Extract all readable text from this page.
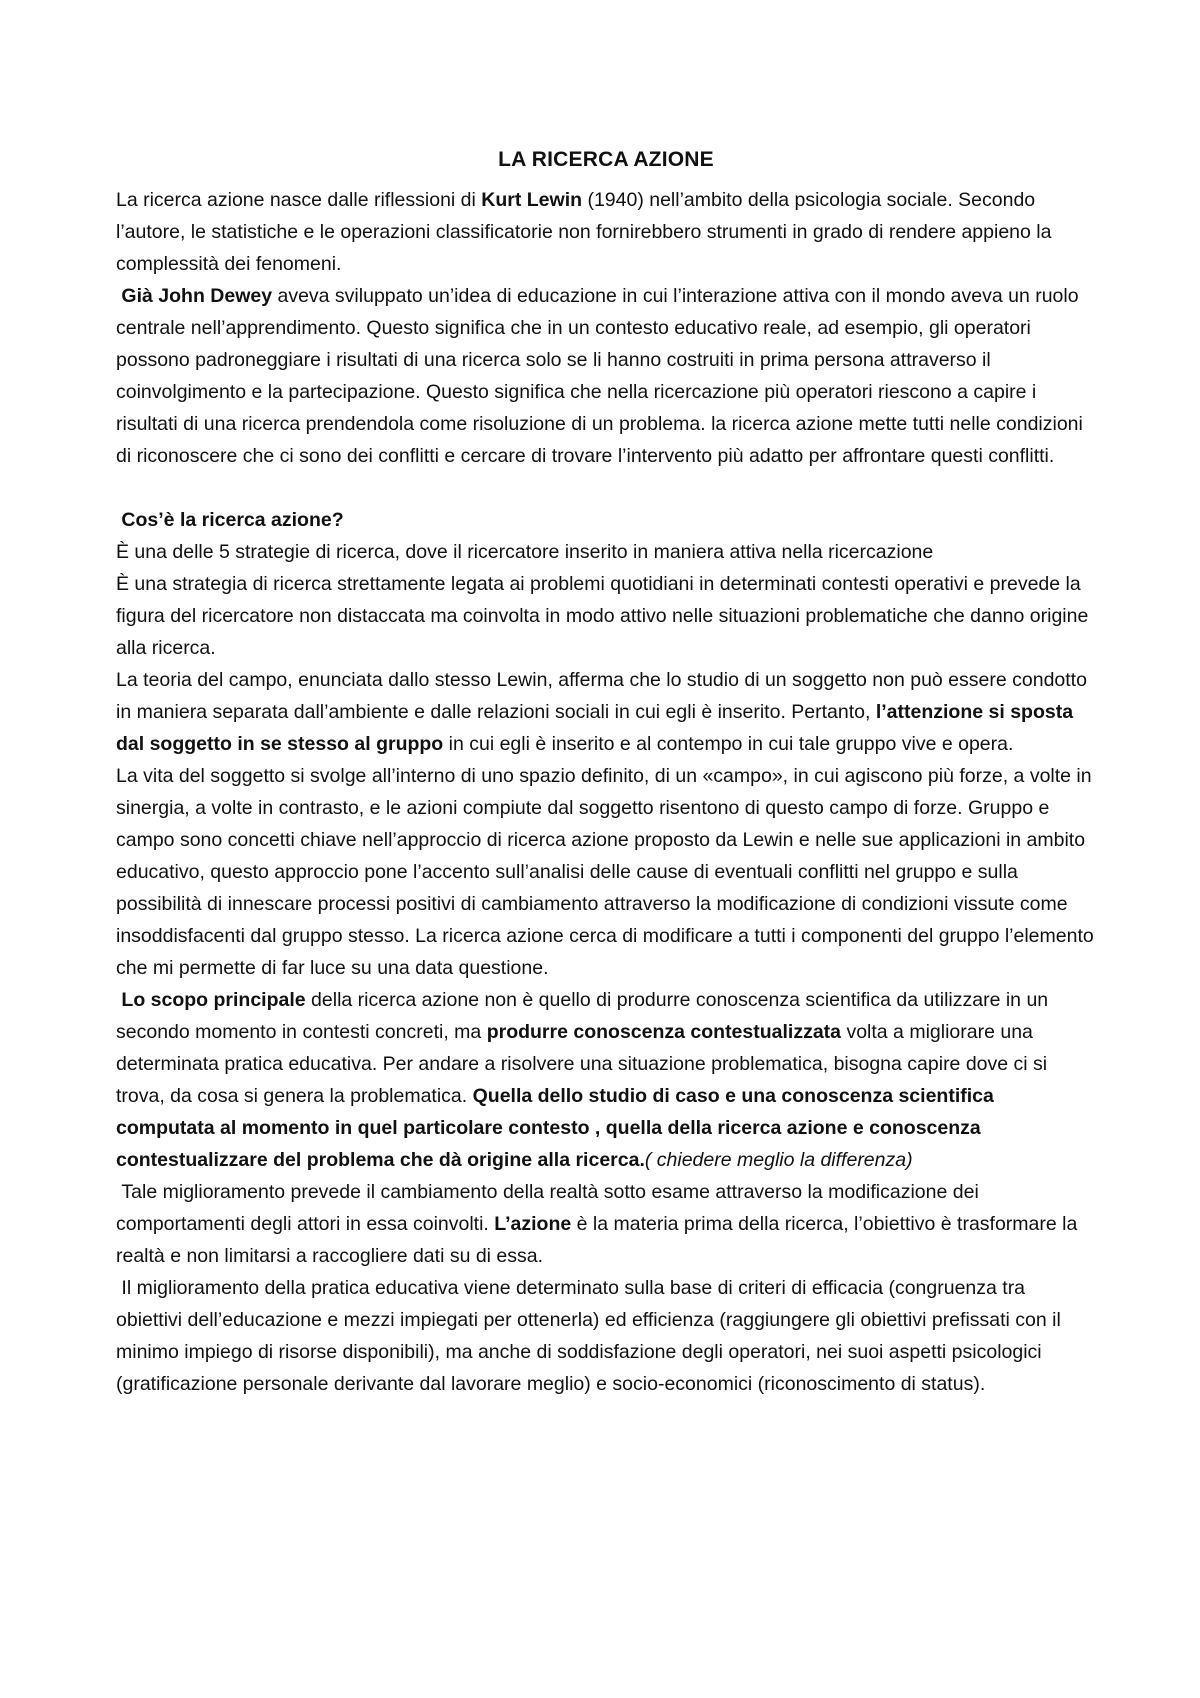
LA RICERCA AZIONE

La ricerca azione nasce dalle riflessioni di Kurt Lewin (1940) nell’ambito della psicologia sociale. Secondo l’autore, le statistiche e le operazioni classificatorie non fornirebbero strumenti in grado di rendere appieno la complessità dei fenomeni.

Già John Dewey aveva sviluppato un’idea di educazione in cui l’interazione attiva con il mondo aveva un ruolo centrale nell’apprendimento. Questo significa che in un contesto educativo reale, ad esempio, gli operatori possono padroneggiare i risultati di una ricerca solo se li hanno costruiti in prima persona attraverso il coinvolgimento e la partecipazione. Questo significa che nella ricercazione più operatori riescono a capire i risultati di una ricerca prendendola come risoluzione di un problema. la ricerca azione mette tutti nelle condizioni di riconoscere che ci sono dei conflitti e cercare di trovare l’intervento più adatto per affrontare questi conflitti.

Cos’è la ricerca azione?

È una delle 5 strategie di ricerca, dove il ricercatore inserito in maniera attiva nella ricercazione

È una strategia di ricerca strettamente legata ai problemi quotidiani in determinati contesti operativi e prevede la figura del ricercatore non distaccata ma coinvolta in modo attivo nelle situazioni problematiche che danno origine alla ricerca.

La teoria del campo, enunciata dallo stesso Lewin, afferma che lo studio di un soggetto non può essere condotto in maniera separata dall’ambiente e dalle relazioni sociali in cui egli è inserito. Pertanto, l’attenzione si sposta dal soggetto in se stesso al gruppo in cui egli è inserito e al contempo in cui tale gruppo vive e opera.

La vita del soggetto si svolge all’interno di uno spazio definito, di un «campo», in cui agiscono più forze, a volte in sinergia, a volte in contrasto, e le azioni compiute dal soggetto risentono di questo campo di forze. Gruppo e campo sono concetti chiave nell’approccio di ricerca azione proposto da Lewin e nelle sue applicazioni in ambito educativo, questo approccio pone l’accento sull’analisi delle cause di eventuali conflitti nel gruppo e sulla possibilità di innescare processi positivi di cambiamento attraverso la modificazione di condizioni vissute come insoddisfacenti dal gruppo stesso. La ricerca azione cerca di modificare a tutti i componenti del gruppo l’elemento che mi permette di far luce su una data questione.

Lo scopo principale della ricerca azione non è quello di produrre conoscenza scientifica da utilizzare in un secondo momento in contesti concreti, ma produrre conoscenza contestualizzata volta a migliorare una determinata pratica educativa. Per andare a risolvere una situazione problematica, bisogna capire dove ci si trova, da cosa si genera la problematica. Quella dello studio di caso e una conoscenza scientifica computata al momento in quel particolare contesto , quella della ricerca azione e conoscenza contestualizzare del problema che dà origine alla ricerca.( chiedere meglio la differenza)

Tale miglioramento prevede il cambiamento della realtà sotto esame attraverso la modificazione dei comportamenti degli attori in essa coinvolti. L’azione è la materia prima della ricerca, l’obiettivo è trasformare la realtà e non limitarsi a raccogliere dati su di essa.

Il miglioramento della pratica educativa viene determinato sulla base di criteri di efficacia (congruenza tra obiettivi dell’educazione e mezzi impiegati per ottenerla) ed efficienza (raggiungere gli obiettivi prefissati con il minimo impiego di risorse disponibili), ma anche di soddisfazione degli operatori, nei suoi aspetti psicologici (gratificazione personale derivante dal lavorare meglio) e socio-economici (riconoscimento di status).
